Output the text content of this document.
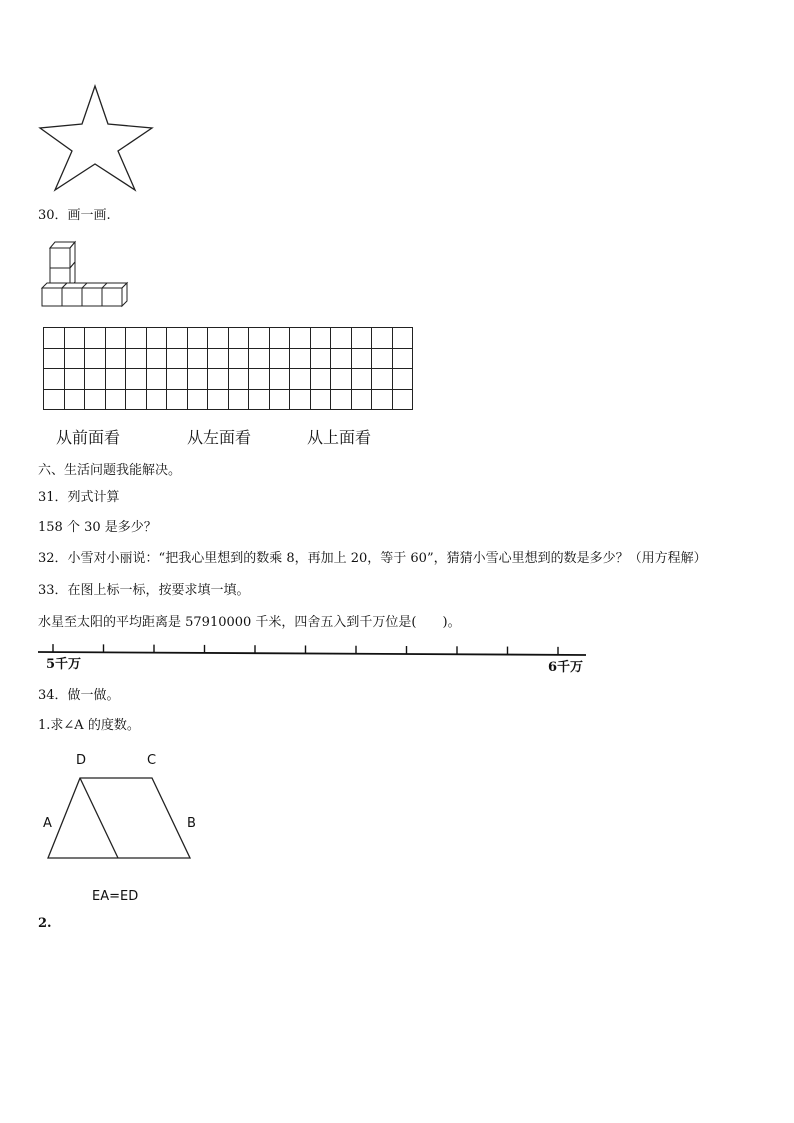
30．画一画.

从前面看	从左面看	从上面看
六、生活问题我能解决。
31．列式计算
158 个 30 是多少？
32．小雪对小丽说：“把我心里想到的数乘 8，再加上 20，等于 60”，猜猜小雪心里想到的数是多少？（用方程解）
33．在图上标一标，按要求填一填。
水星至太阳的平均距离是 57910000 千米，四舍五入到千万位是(　　)。
5千万	6千万
34．做一做。
1.求∠A 的度数。
D	C
A	B
EA=ED
2.
